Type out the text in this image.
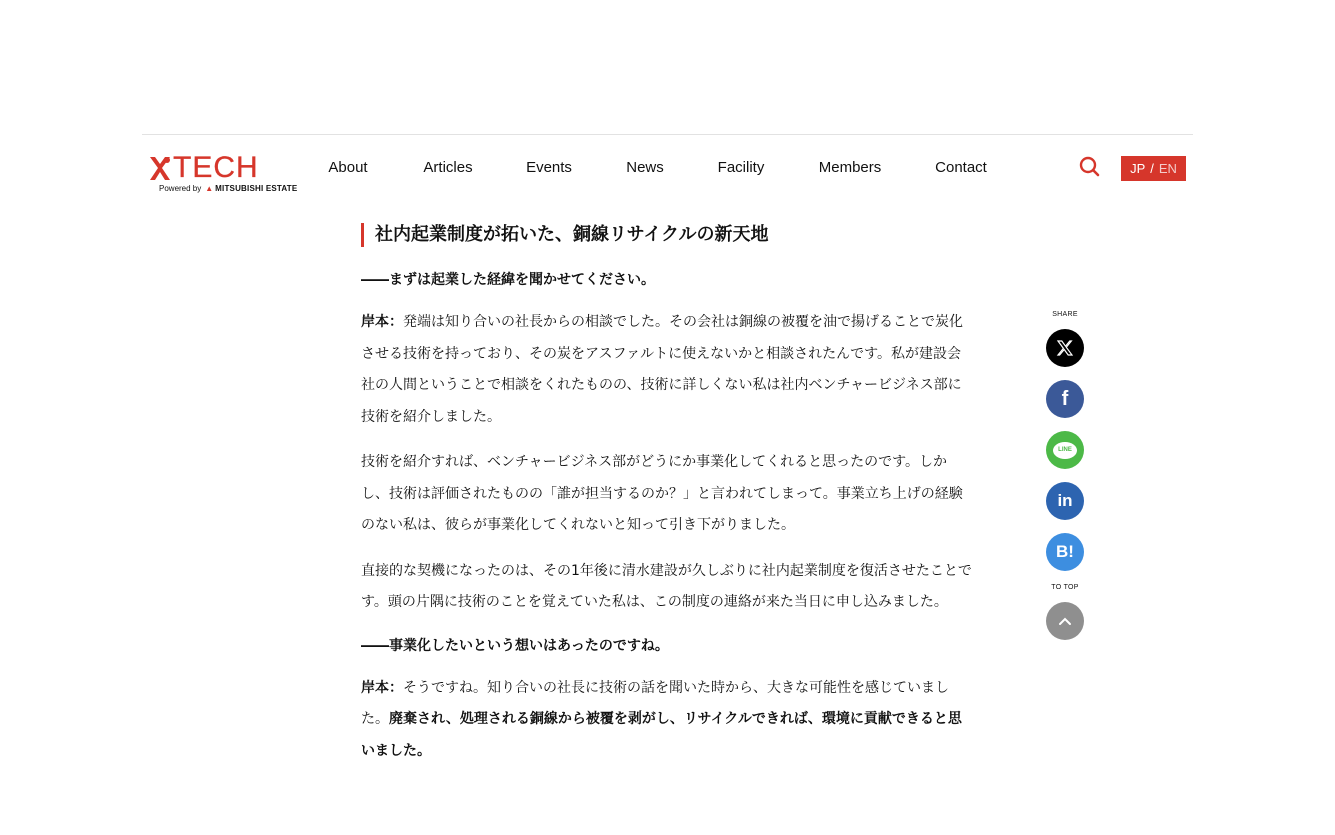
TECH
Powered by ▲ MITSUBISHI ESTATE
About	Articles	Events	News	Facility	Members	Contact	JP / EN
社内起業制度が拓いた、銅線リサイクルの新天地

――まずは起業した経緯を聞かせてください。

岸本：発端は知り合いの社長からの相談でした。その会社は銅線の被覆を油で揚げることで炭化させる技術を持っており、その炭をアスファルトに使えないかと相談されたんです。私が建設会社の人間ということで相談をくれたものの、技術に詳しくない私は社内ベンチャービジネス部に技術を紹介しました。

技術を紹介すれば、ベンチャービジネス部がどうにか事業化してくれると思ったのです。しかし、技術は評価されたものの「誰が担当するのか？」と言われてしまって。事業立ち上げの経験のない私は、彼らが事業化してくれないと知って引き下がりました。

直接的な契機になったのは、その1年後に清水建設が久しぶりに社内起業制度を復活させたことです。頭の片隅に技術のことを覚えていた私は、この制度の連絡が来た当日に申し込みました。

――事業化したいという想いはあったのですね。

岸本：そうですね。知り合いの社長に技術の話を聞いた時から、大きな可能性を感じていました。廃棄され、処理される銅線から被覆を剥がし、リサイクルできれば、環境に貢献できると思いました。

SHARE
f
LINE
in
B!
TO TOP
